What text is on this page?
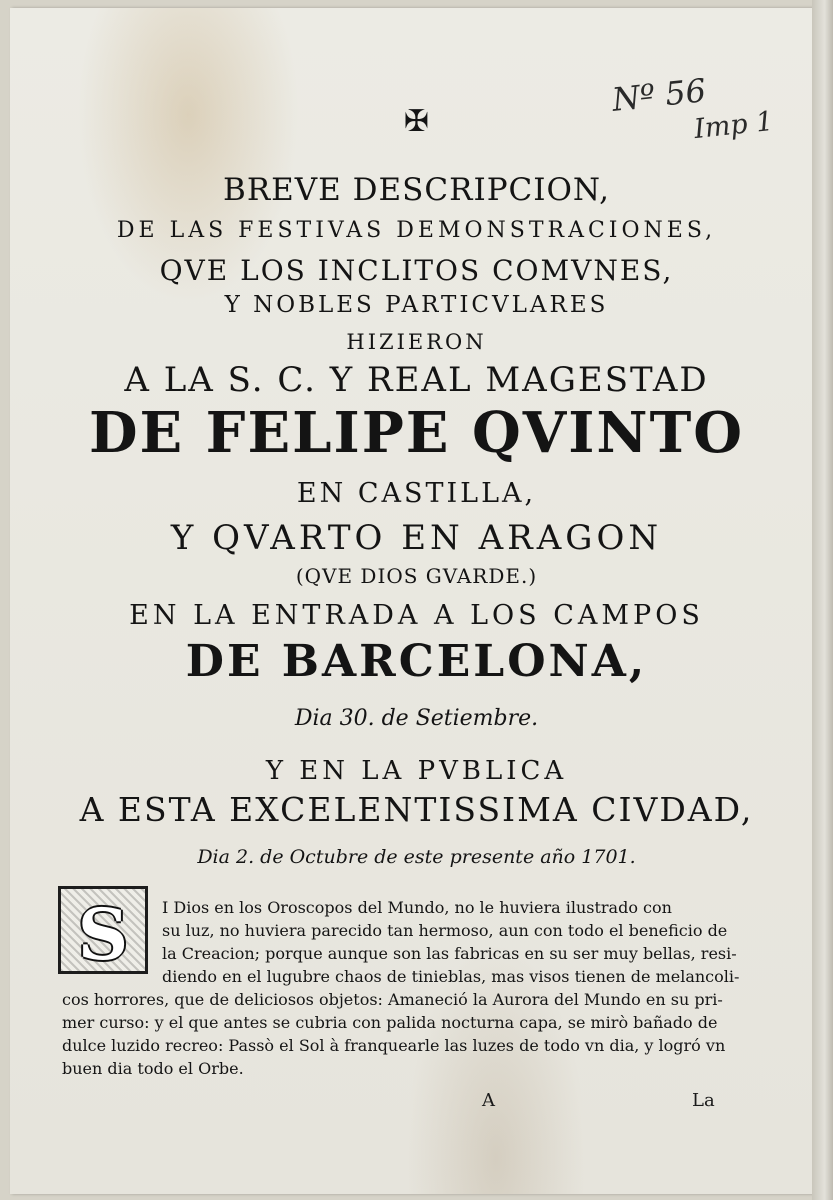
Nº 56
Imp 1
✠
BREVE DESCRIPCION,
DE LAS FESTIVAS DEMONSTRACIONES,
QVE LOS INCLITOS COMVNES,
Y NOBLES PARTICVLARES
HIZIERON
A LA S. C. Y REAL MAGESTAD
DE FELIPE QVINTO
EN CASTILLA,
Y QVARTO EN ARAGON
(QVE DIOS GVARDE.)
EN LA ENTRADA A LOS CAMPOS
DE BARCELONA,
Dia 30. de Setiembre.
Y EN LA PVBLICA
A ESTA EXCELENTISSIMA CIVDAD,
Dia 2. de Octubre de este presente año 1701.
S	I Dios en los Oroscopos del Mundo, no le huviera ilustrado con
su luz, no huviera parecido tan hermoso, aun con todo el beneficio de
la Creacion; porque aunque son las fabricas en su ser muy bellas, resi-
diendo en el lugubre chaos de tinieblas, mas visos tienen de melancoli-
cos horrores, que de deliciosos objetos: Amaneció la Aurora del Mundo en su pri-
mer curso: y el que antes se cubria con palida nocturna capa, se mirò bañado de
dulce luzido recreo: Passò el Sol à franquearle las luzes de todo vn dia, y logró vn
buen dia todo el Orbe.
A	La
